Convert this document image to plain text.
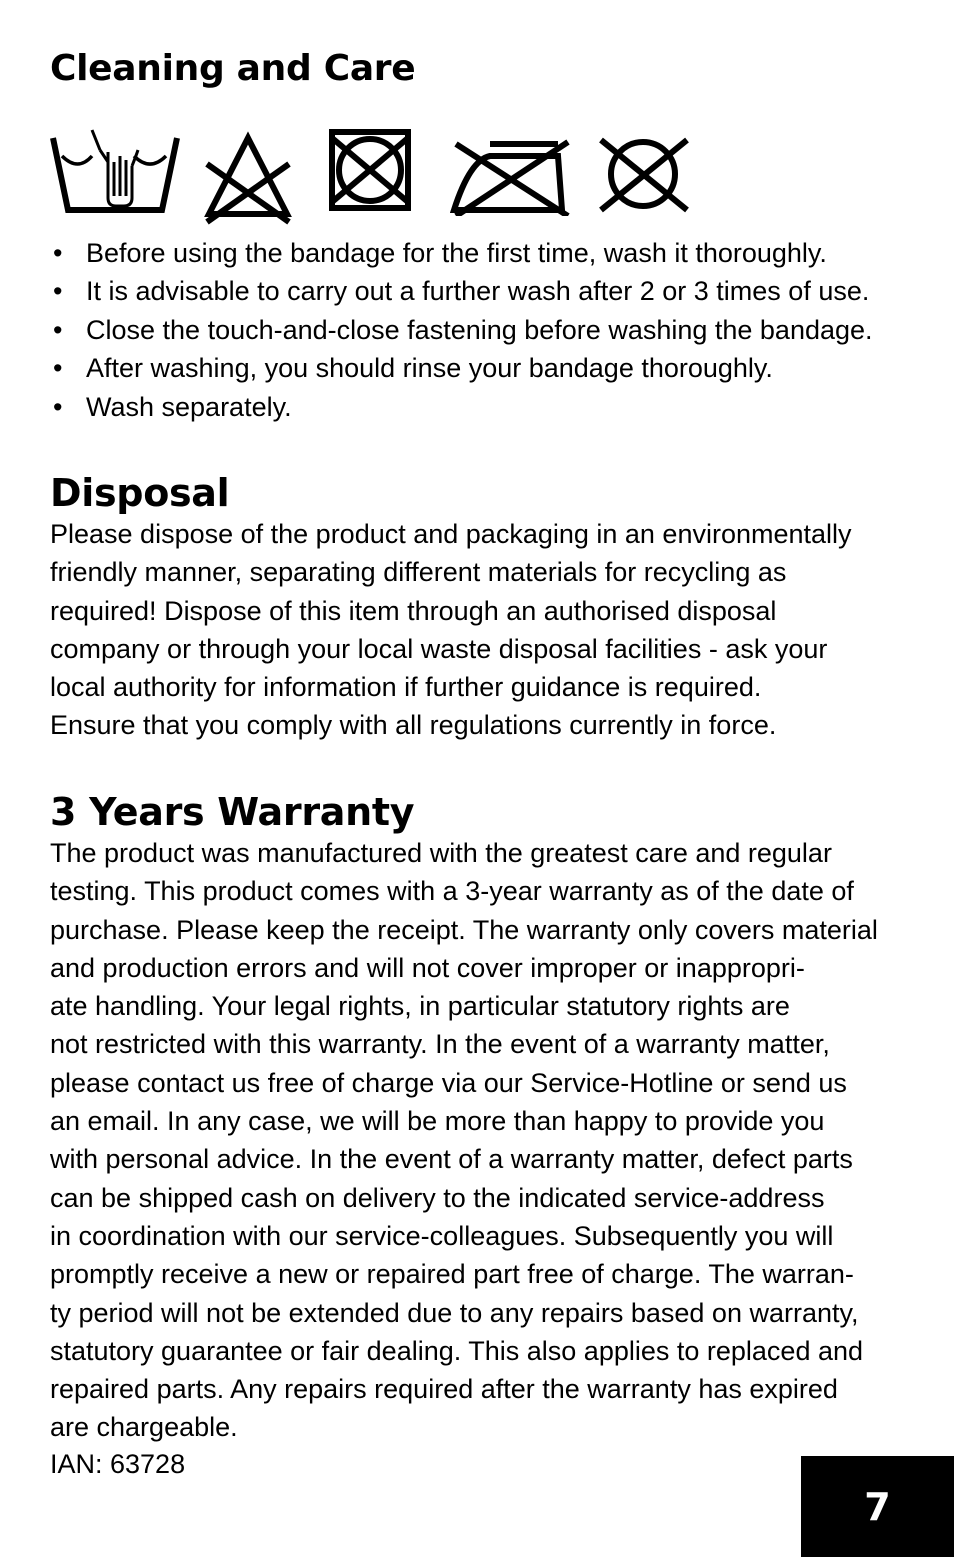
Cleaning and Care
• Before using the bandage for the first time, wash it thoroughly.
• It is advisable to carry out a further wash after 2 or 3 times of use.
• Close the touch-and-close fastening before washing the bandage.
• After washing, you should rinse your bandage thoroughly.
• Wash separately.
Disposal

Please dispose of the product and packaging in an environmentally
friendly manner, separating different materials for recycling as
required! Dispose of this item through an authorised disposal
company or through your local waste disposal facilities - ask your
local authority for information if further guidance is required.
Ensure that you comply with all regulations currently in force.

3 Years Warranty

The product was manufactured with the greatest care and regular
testing. This product comes with a 3-year warranty as of the date of
purchase. Please keep the receipt. The warranty only covers material
and production errors and will not cover improper or inappropri-
ate handling. Your legal rights, in particular statutory rights are
not restricted with this warranty. In the event of a warranty matter,
please contact us free of charge via our Service-Hotline or send us
an email. In any case, we will be more than happy to provide you
with personal advice. In the event of a warranty matter, defect parts
can be shipped cash on delivery to the indicated service-address
in coordination with our service-colleagues. Subsequently you will
promptly receive a new or repaired part free of charge. The warran-
ty period will not be extended due to any repairs based on warranty,
statutory guarantee or fair dealing. This also applies to replaced and
repaired parts. Any repairs required after the warranty has expired
are chargeable.

IAN: 63728

7
